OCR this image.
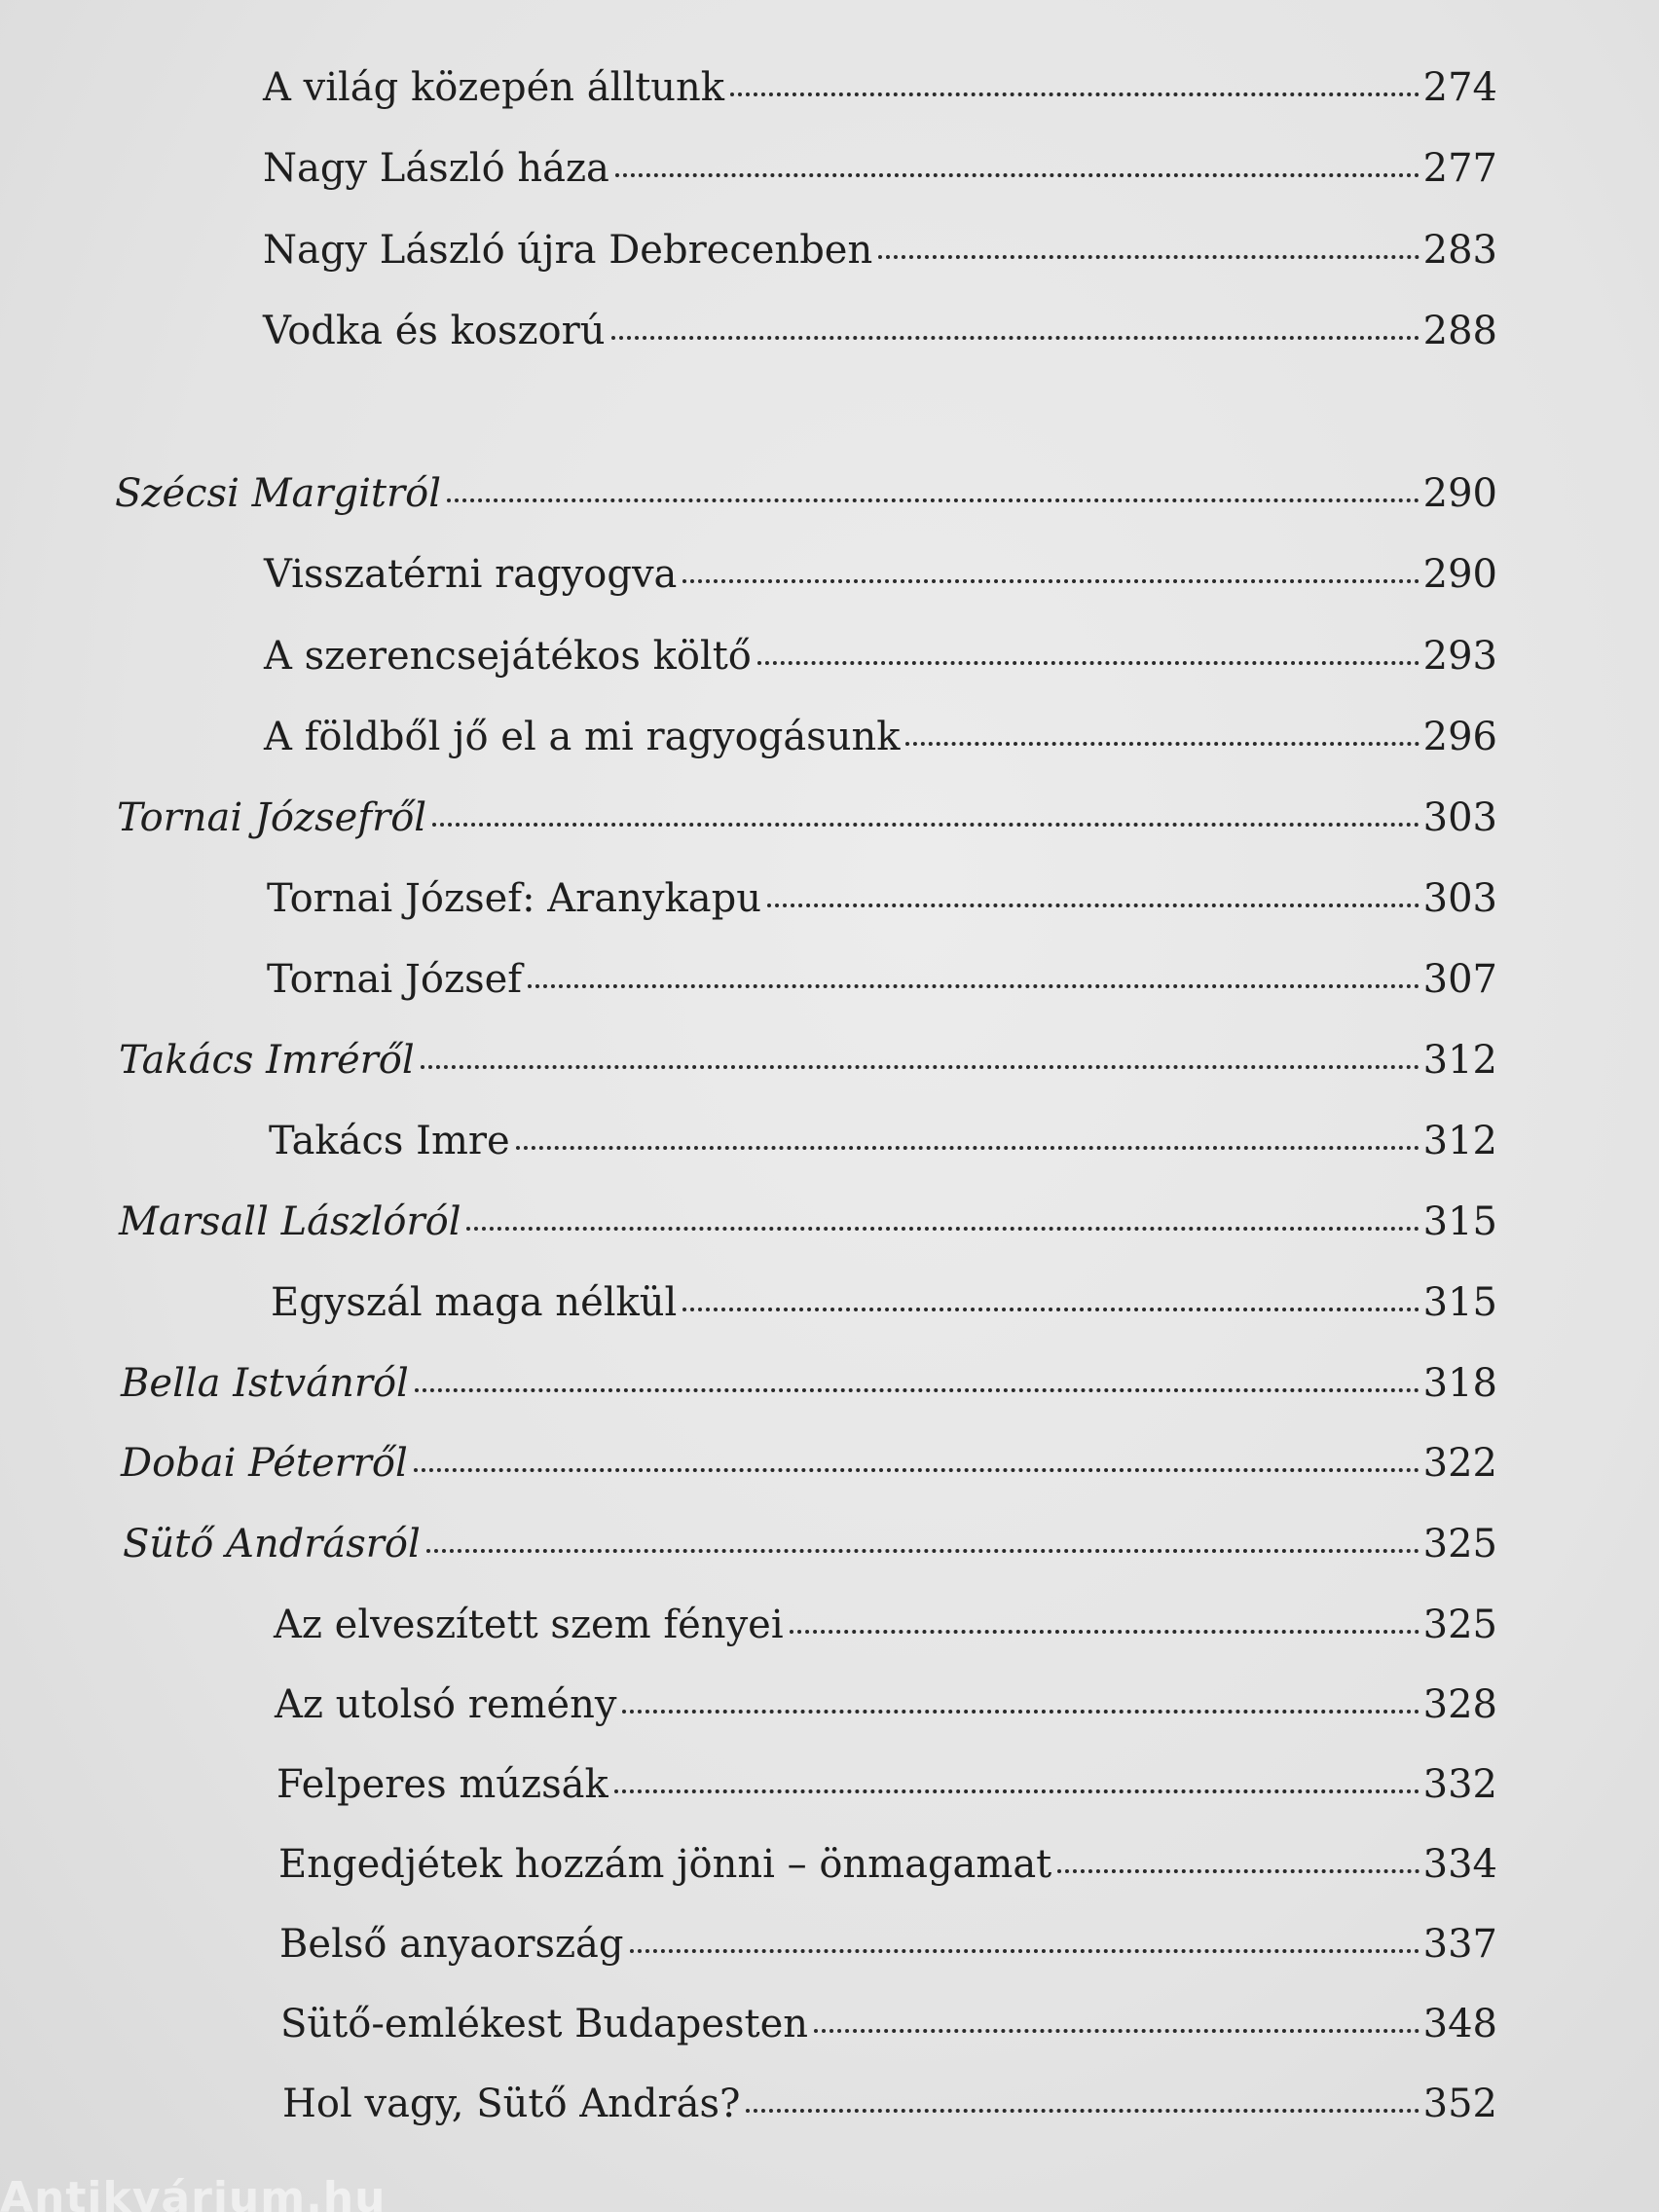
A világ közepén álltunk	274
Nagy László háza	277
Nagy László újra Debrecenben	283
Vodka és koszorú	288
Szécsi Margitról	290
Visszatérni ragyogva	290
A szerencsejátékos költő	293
A földből jő el a mi ragyogásunk	296
Tornai Józsefről	303
Tornai József: Aranykapu	303
Tornai József	307
Takács Imréről	312
Takács Imre	312
Marsall Lászlóról	315
Egyszál maga nélkül	315
Bella Istvánról	318
Dobai Péterről	322
Sütő Andrásról	325
Az elveszített szem fényei	325
Az utolsó remény	328
Felperes múzsák	332
Engedjétek hozzám jönni – önmagamat	334
Belső anyaország	337
Sütő-emlékest Budapesten	348
Hol vagy, Sütő András?	352
Antikvárium.hu
